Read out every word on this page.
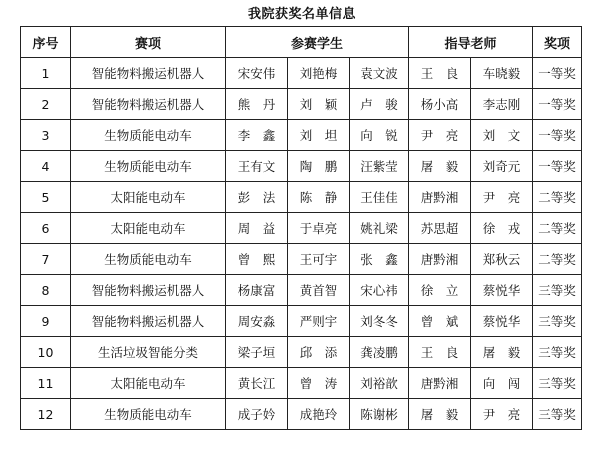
我院获奖名单信息
序号	赛项	参赛学生			指导老师		奖项
1	智能物料搬运机器人	宋安伟	刘艳梅	袁文波	王　良	车晓毅	一等奖
2	智能物料搬运机器人	熊　丹	刘　颖	卢　骏	杨小高	李志刚	一等奖
3	生物质能电动车	李　鑫	刘　坦	向　锐	尹　亮	刘　文	一等奖
4	生物质能电动车	王有文	陶　鹏	汪紫莹	屠　毅	刘奇元	一等奖
5	太阳能电动车	彭　法	陈　静	王佳佳	唐黔湘	尹　亮	二等奖
6	太阳能电动车	周　益	于卓亮	姚礼梁	苏思超	徐　戎	二等奖
7	生物质能电动车	曾　熙	王可宇	张　鑫	唐黔湘	郑秋云	二等奖
8	智能物料搬运机器人	杨康富	黄首智	宋心祎	徐　立	蔡悦华	三等奖
9	智能物料搬运机器人	周安淼	严则宇	刘冬冬	曾　斌	蔡悦华	三等奖
10	生活垃圾智能分类	梁子垣	邱　添	龚凌鹏	王　良	屠　毅	三等奖
11	太阳能电动车	黄长江	曾　涛	刘裕歆	唐黔湘	向　闯	三等奖
12	生物质能电动车	成子妗	成艳玲	陈谢彬	屠　毅	尹　亮	三等奖
